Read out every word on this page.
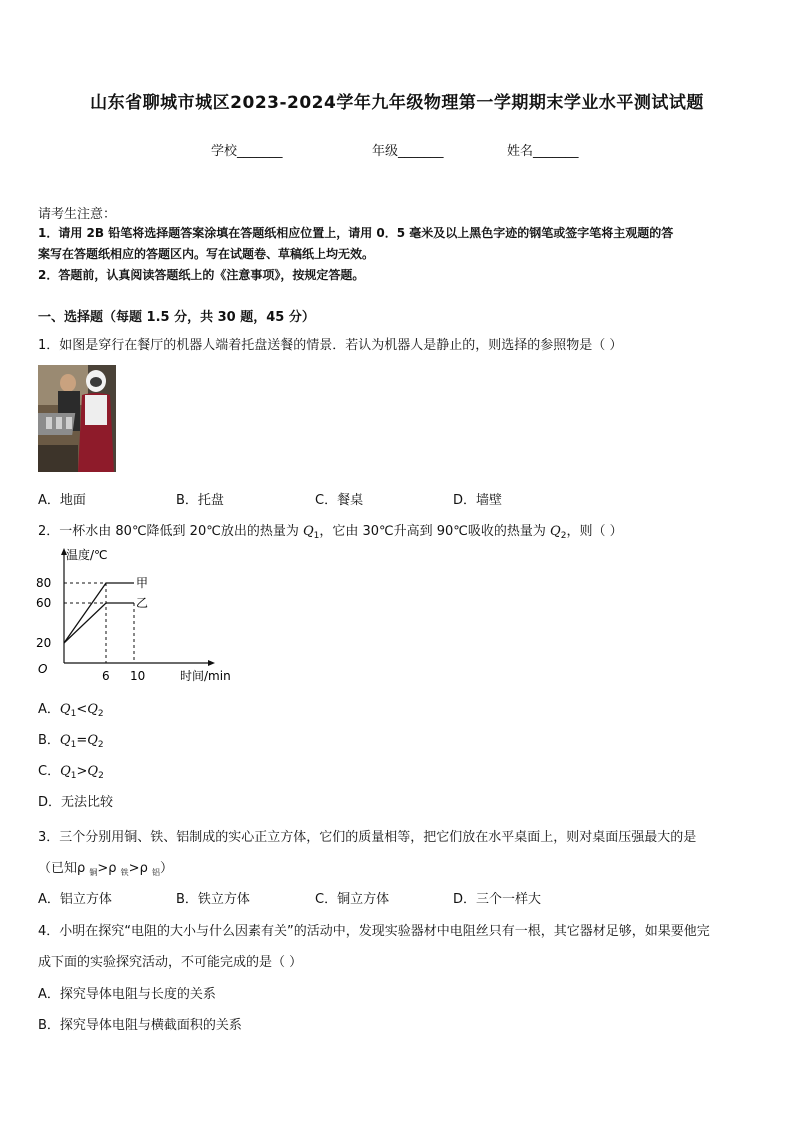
山东省聊城市城区2023-2024学年九年级物理第一学期期末学业水平测试试题
学校_______	年级_______	姓名_______
请考生注意：
1．请用 2B 铅笔将选择题答案涂填在答题纸相应位置上，请用 0．5 毫米及以上黑色字迹的钢笔或签字笔将主观题的答
案写在答题纸相应的答题区内。写在试题卷、草稿纸上均无效。
2．答题前，认真阅读答题纸上的《注意事项》，按规定答题。
一、选择题（每题 1.5 分，共 30 题，45 分）
1．如图是穿行在餐厅的机器人端着托盘送餐的情景．若认为机器人是静止的，则选择的参照物是（ ）
A．地面	B．托盘	C．餐桌	D．墙壁
2．一杯水由 80℃降低到 20℃放出的热量为 $Q_1$，它由 30℃升高到 90℃吸收的热量为 $Q_2$，则（ ）
温度/℃
时间/min
O
20
60
80
6 10
甲
乙
A．$Q_1<Q_2$
B．$Q_1=Q_2$
C．$Q_1>Q_2$
D．无法比较
3．三个分别用铜、铁、铝制成的实心正立方体，它们的质量相等，把它们放在水平桌面上，则对桌面压强最大的是
（已知ρ $_铜$>ρ $_铁$>ρ $_铝$）
A．铝立方体	B．铁立方体	C．铜立方体	D．三个一样大
4．小明在探究“电阻的大小与什么因素有关”的活动中，发现实验器材中电阻丝只有一根，其它器材足够，如果要他完
成下面的实验探究活动，不可能完成的是（ ）
A．探究导体电阻与长度的关系
B．探究导体电阻与横截面积的关系
